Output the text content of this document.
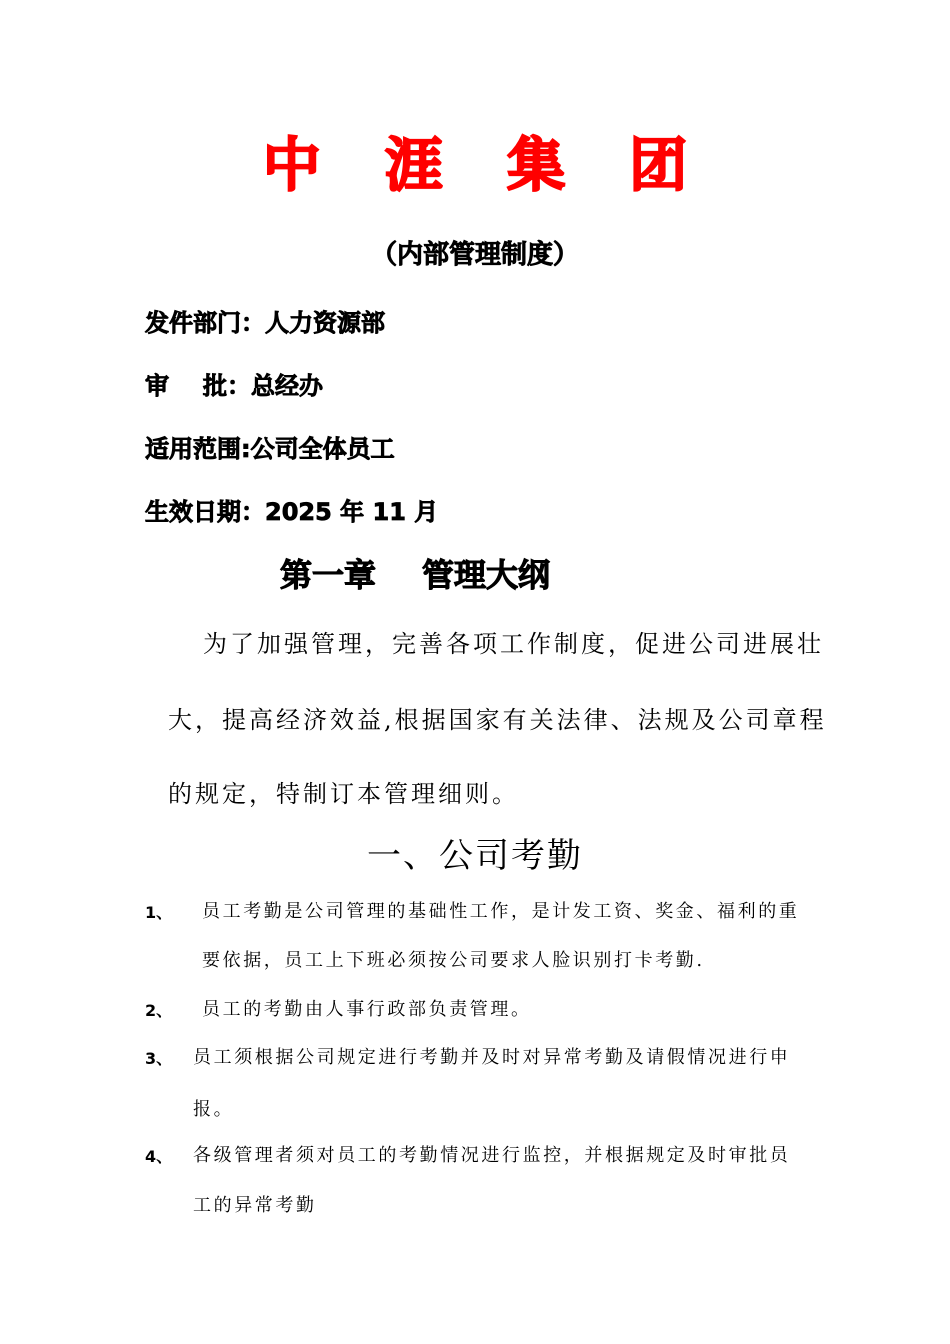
中 涯 集 团
（内部管理制度）
发件部门：人力资源部
审 批：总经办
适用范围:公司全体员工
生效日期：2025 年 11 月
第一章 管理大纲
为了加强管理，完善各项工作制度，促进公司进展壮
大，提高经济效益,根据国家有关法律、法规及公司章程
的规定，特制订本管理细则。
一、公司考勤
1、 员工考勤是公司管理的基础性工作，是计发工资、奖金、福利的重
要依据，员工上下班必须按公司要求人脸识别打卡考勤.
2、 员工的考勤由人事行政部负责管理。
3、 员工须根据公司规定进行考勤并及时对异常考勤及请假情况进行申
报。
4、 各级管理者须对员工的考勤情况进行监控，并根据规定及时审批员
工的异常考勤
